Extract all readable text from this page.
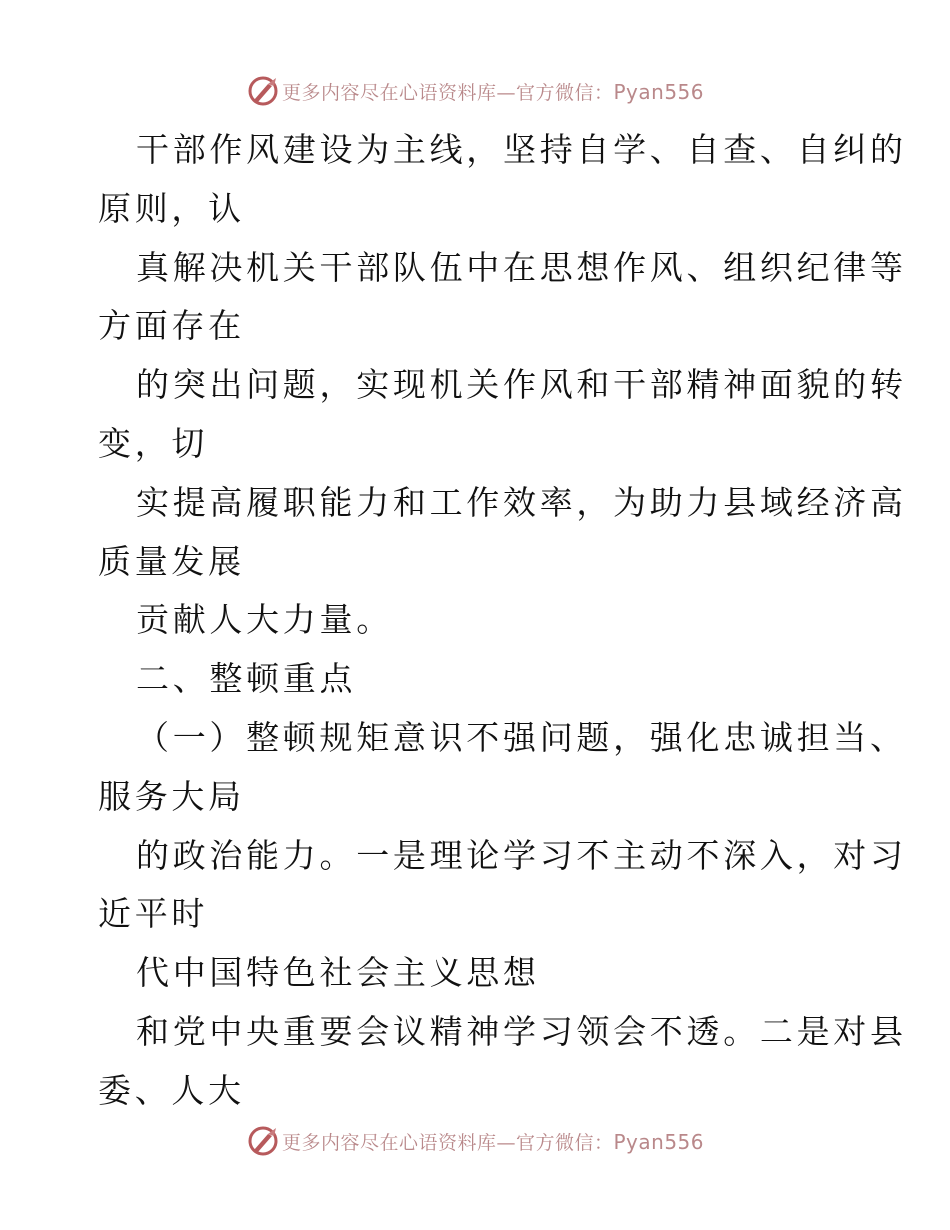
更多内容尽在心语资料库—官方微信：Pyan556
干部作风建设为主线，坚持自学、自查、自纠的
原则，认
真解决机关干部队伍中在思想作风、组织纪律等
方面存在
的突出问题，实现机关作风和干部精神面貌的转
变，切
实提高履职能力和工作效率，为助力县域经济高
质量发展
贡献人大力量。
二、整顿重点
（一）整顿规矩意识不强问题，强化忠诚担当、
服务大局
的政治能力。一是理论学习不主动不深入，对习
近平时
代中国特色社会主义思想
和党中央重要会议精神学习领会不透。二是对县
委、人大
更多内容尽在心语资料库—官方微信：Pyan556
